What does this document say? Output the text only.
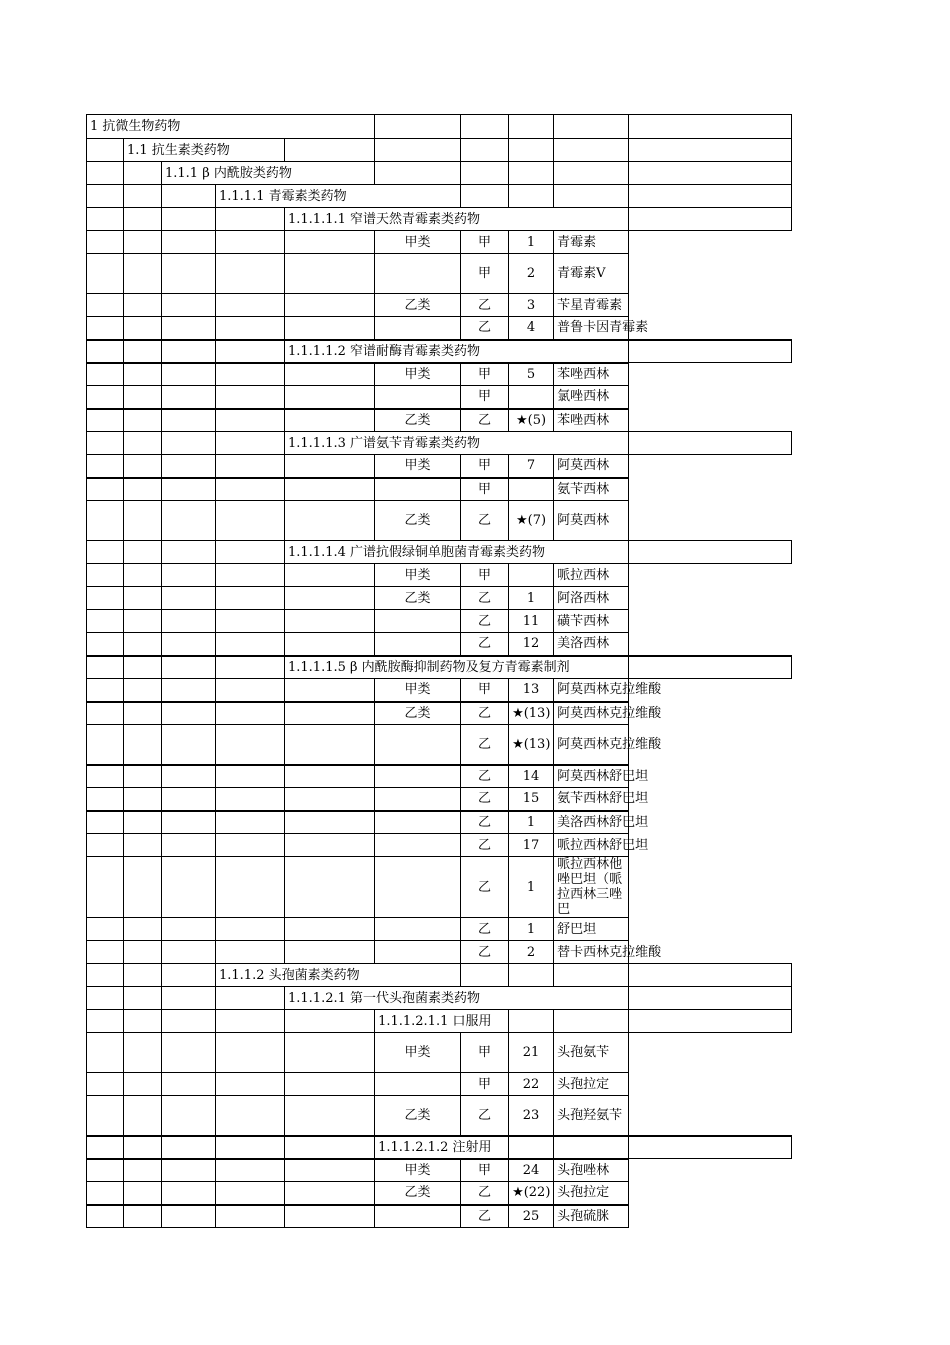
1 抗微生物药物									
	1.1 抗生素类药物								
		1.1.1 β 内酰胺类药物							
			1.1.1.1 青霉素类药物						
				1.1.1.1.1 窄谱天然青霉素类药物					
					甲类	甲	1	青霉素	
						甲	2	青霉素V	
					乙类	乙	3	苄星青霉素	
						乙	4	普鲁卡因青霉素	
				1.1.1.1.2 窄谱耐酶青霉素类药物					
					甲类	甲	5	苯唑西林	
						甲		氯唑西林	
					乙类	乙	★(5)	苯唑西林	
				1.1.1.1.3 广谱氨苄青霉素类药物					
					甲类	甲	7	阿莫西林	
						甲		氨苄西林	
					乙类	乙	★(7)	阿莫西林	
				1.1.1.1.4 广谱抗假绿铜单胞菌青霉素类药物					
					甲类	甲		哌拉西林	
					乙类	乙	1	阿洛西林	
						乙	11	磺苄西林	
						乙	12	美洛西林	
				1.1.1.1.5 β 内酰胺酶抑制药物及复方青霉素制剂					
					甲类	甲	13	阿莫西林克拉维酸	
					乙类	乙	★(13)	阿莫西林克拉维酸	
						乙	★(13)	阿莫西林克拉维酸	
						乙	14	阿莫西林舒巴坦	
						乙	15	氨苄西林舒巴坦	
						乙	1	美洛西林舒巴坦	
						乙	17	哌拉西林舒巴坦	
						乙	1	哌拉西林他唑巴坦（哌拉西林三唑巴	
						乙	1	舒巴坦	
						乙	2	替卡西林克拉维酸	
			1.1.1.2 头孢菌素类药物						
				1.1.1.2.1 第一代头孢菌素类药物					
					1.1.1.2.1.1 口服用				
					甲类	甲	21	头孢氨苄	
						甲	22	头孢拉定	
					乙类	乙	23	头孢羟氨苄	
					1.1.1.2.1.2 注射用				
					甲类	甲	24	头孢唑林	
					乙类	乙	★(22)	头孢拉定	
						乙	25	头孢硫脒	
